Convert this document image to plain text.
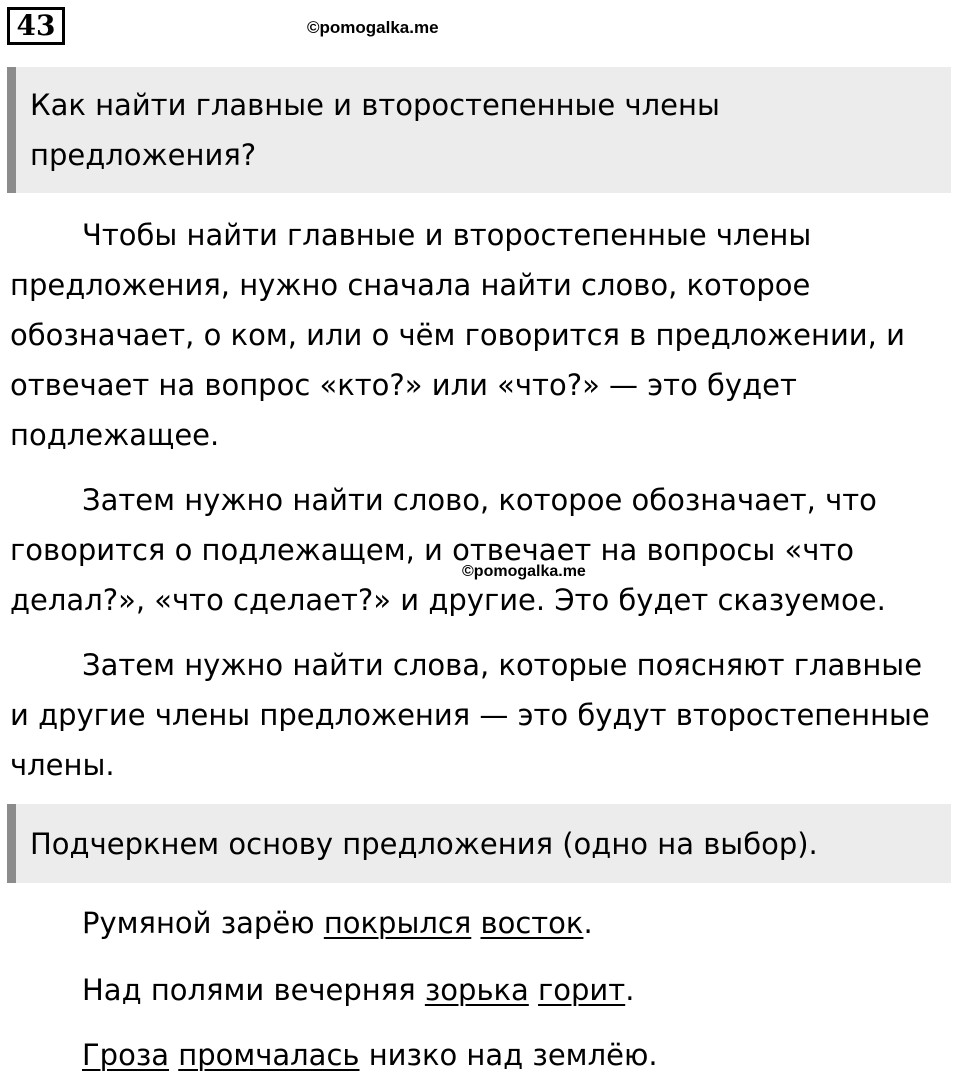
43	©pomogalka.me
Как найти главные и второстепенные члены предложения?

Чтобы найти главные и второстепенные члены предложения, нужно сначала найти слово, которое обозначает, о ком, или о чём говорится в предложении, и отвечает на вопрос «кто?» или «что?» — это будет подлежащее.

Затем нужно найти слово, которое обозначает, что говорится о подлежащем, и отвечает на вопросы «что делал?», «что сделает?» и другие. Это будет сказуемое.

©pomogalka.me

Затем нужно найти слова, которые поясняют главные и другие члены предложения — это будут второстепенные члены.

Подчеркнем основу предложения (одно на выбор).
Румяной зарёю покрылся восток.
Над полями вечерняя зорька горит.
Гроза промчалась низко над землёю.
